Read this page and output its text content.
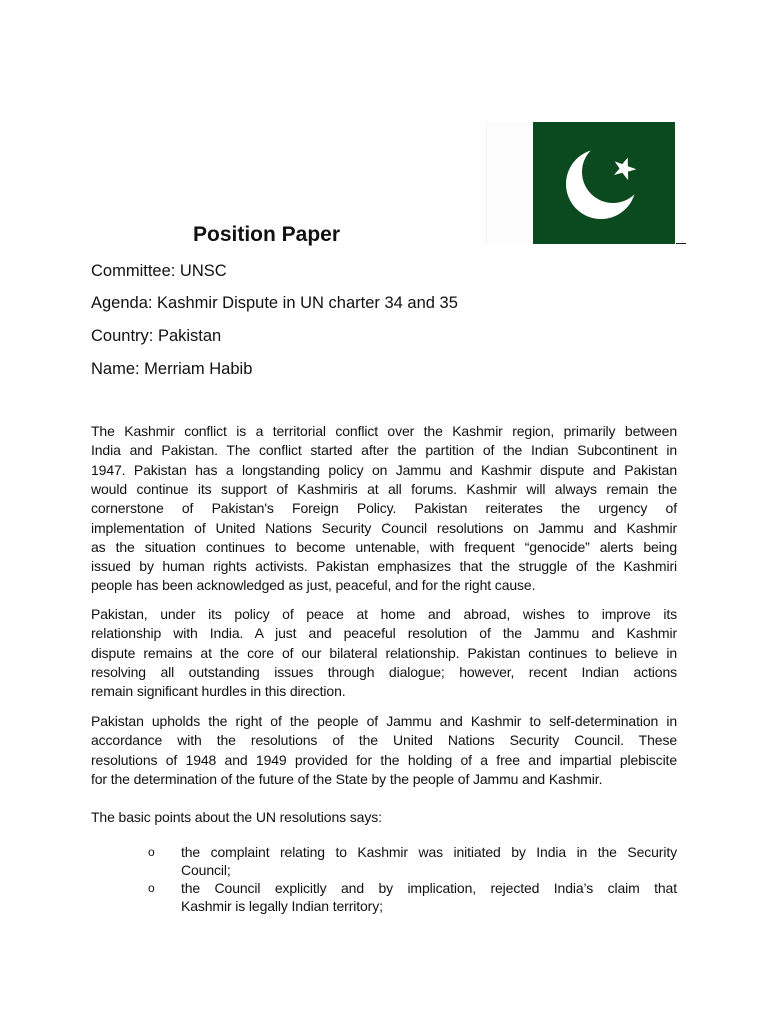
Position Paper
Committee: UNSC
Agenda: Kashmir Dispute in UN charter 34 and 35
Country: Pakistan
Name: Merriam Habib
The Kashmir conflict is a territorial conflict over the Kashmir region, primarily between
India and Pakistan. The conflict started after the partition of the Indian Subcontinent in
1947. Pakistan has a longstanding policy on Jammu and Kashmir dispute and Pakistan
would continue its support of Kashmiris at all forums. Kashmir will always remain the
cornerstone of Pakistan's Foreign Policy. Pakistan reiterates the urgency of
implementation of United Nations Security Council resolutions on Jammu and Kashmir
as the situation continues to become untenable, with frequent “genocide” alerts being
issued by human rights activists. Pakistan emphasizes that the struggle of the Kashmiri
people has been acknowledged as just, peaceful, and for the right cause.
Pakistan, under its policy of peace at home and abroad, wishes to improve its
relationship with India. A just and peaceful resolution of the Jammu and Kashmir
dispute remains at the core of our bilateral relationship. Pakistan continues to believe in
resolving all outstanding issues through dialogue; however, recent Indian actions
remain significant hurdles in this direction.
Pakistan upholds the right of the people of Jammu and Kashmir to self-determination in
accordance with the resolutions of the United Nations Security Council. These
resolutions of 1948 and 1949 provided for the holding of a free and impartial plebiscite
for the determination of the future of the State by the people of Jammu and Kashmir.
The basic points about the UN resolutions says:
o the complaint relating to Kashmir was initiated by India in the Security
Council;
o the Council explicitly and by implication, rejected India’s claim that
Kashmir is legally Indian territory;
